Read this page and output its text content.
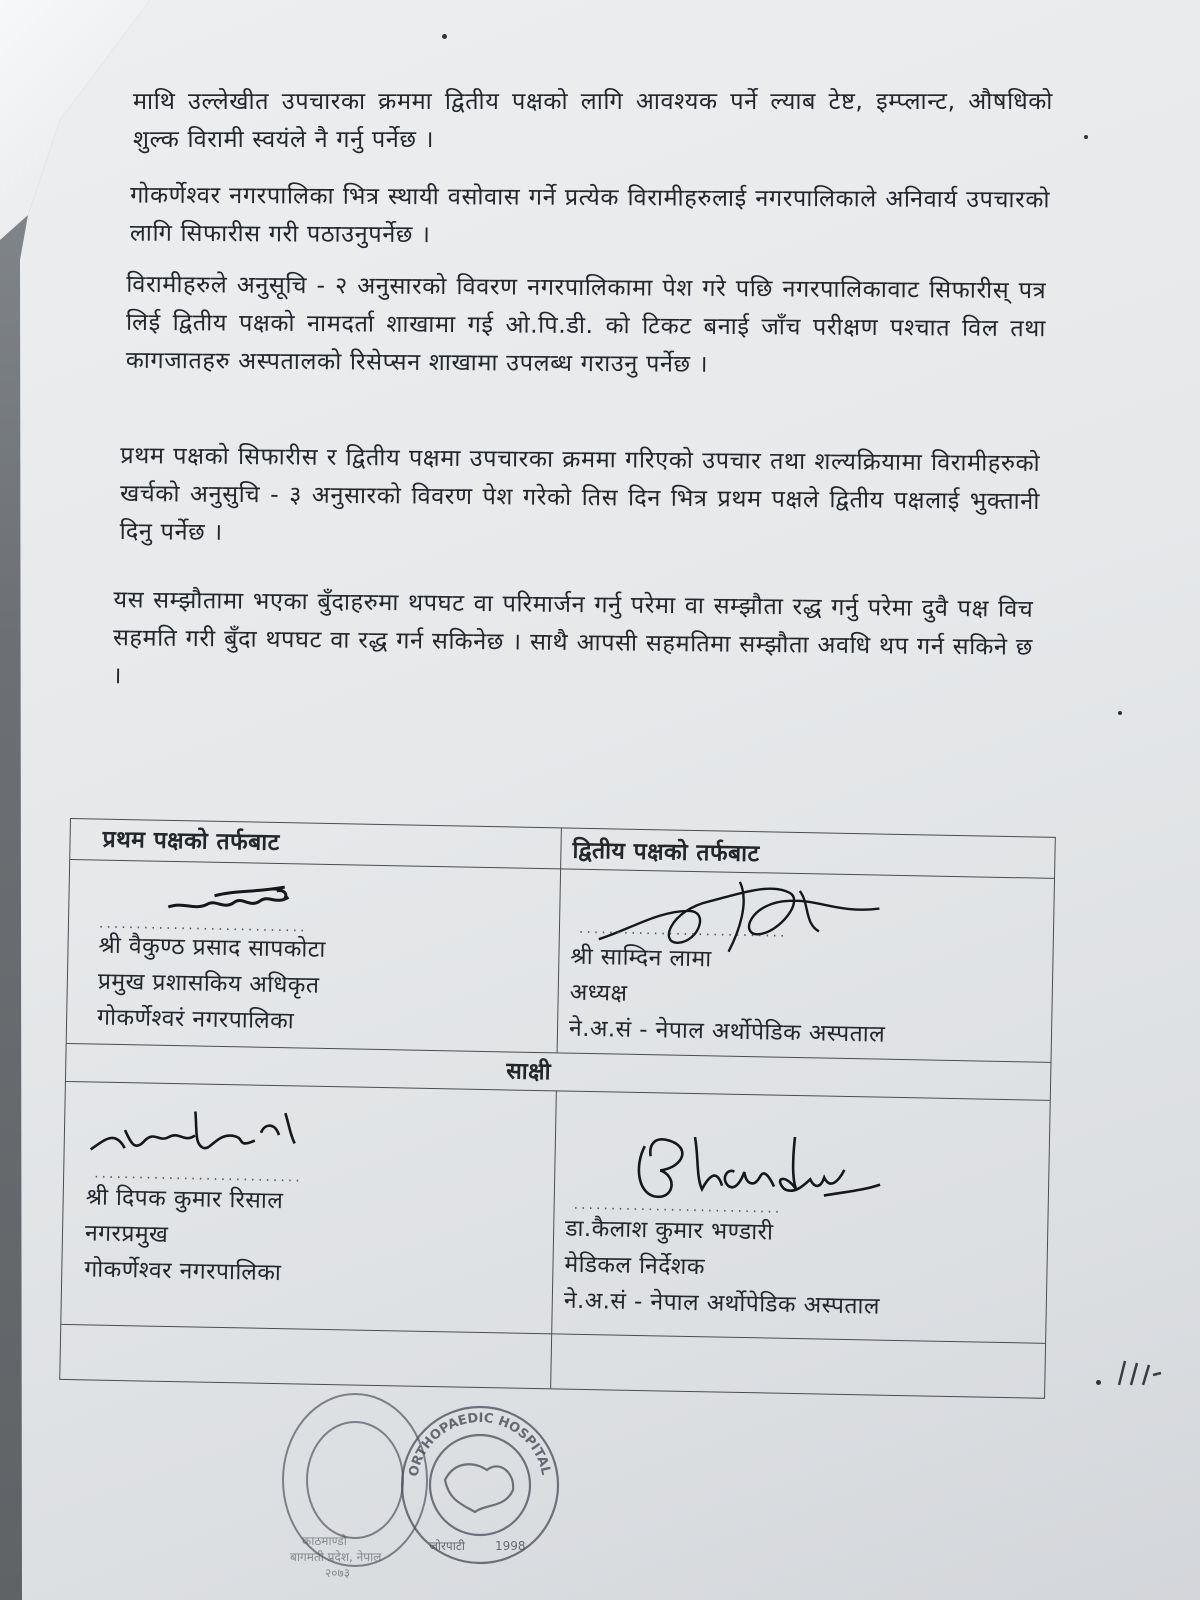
माथि उल्लेखीत उपचारका क्रममा द्वितीय पक्षको लागि आवश्यक पर्ने ल्याब टेष्ट, इम्प्लान्ट, औषधिको शुल्क विरामी स्वयंले नै गर्नु पर्नेछ ।
गोकर्णेश्वर नगरपालिका भित्र स्थायी वसोवास गर्ने प्रत्येक विरामीहरुलाई नगरपालिकाले अनिवार्य उपचारको लागि सिफारीस गरी पठाउनुपर्नेछ ।
विरामीहरुले अनुसूचि - २ अनुसारको विवरण नगरपालिकामा पेश गरे पछि नगरपालिकावाट सिफारीस् पत्र लिई द्वितीय पक्षको नामदर्ता शाखामा गई ओ.पि.डी. को टिकट बनाई जाँच परीक्षण पश्चात विल तथा कागजातहरु अस्पतालको रिसेप्सन शाखामा उपलब्ध गराउनु पर्नेछ ।
प्रथम पक्षको सिफारीस र द्वितीय पक्षमा उपचारका क्रममा गरिएको उपचार तथा शल्यक्रियामा विरामीहरुको खर्चको अनुसुचि - ३ अनुसारको विवरण पेश गरेको तिस दिन भित्र प्रथम पक्षले द्वितीय पक्षलाई भुक्तानी दिनु पर्नेछ ।
यस सम्झौतामा भएका बुँदाहरुमा थपघट वा परिमार्जन गर्नु परेमा वा सम्झौता रद्ध गर्नु परेमा दुवै पक्ष विच सहमति गरी बुँदा थपघट वा रद्ध गर्न सकिनेछ । साथै आपसी सहमतिमा सम्झौता अवधि थप गर्न सकिने छ ।
प्रथम पक्षको तर्फबाट	द्वितीय पक्षको तर्फबाट
............................
श्री वैकुण्ठ प्रसाद सापकोटा
प्रमुख प्रशासकिय अधिकृत
गोकर्णेश्वरं नगरपालिका
............................
श्री साम्दिन लामा
अध्यक्ष
ने.अ.सं - नेपाल अर्थोपेडिक अस्पताल
साक्षी
............................
श्री दिपक कुमार रिसाल
नगरप्रमुख
गोकर्णेश्वर नगरपालिका
............................
डा.कैलाश कुमार भण्डारी
मेडिकल निर्देशक
ने.अ.सं - नेपाल अर्थोपेडिक अस्पताल
काठमाण्डौ
बागमती प्रदेश, नेपाल
२०७३
ORTHOPAEDIC HOSPITAL
1998
जोरपाटी
